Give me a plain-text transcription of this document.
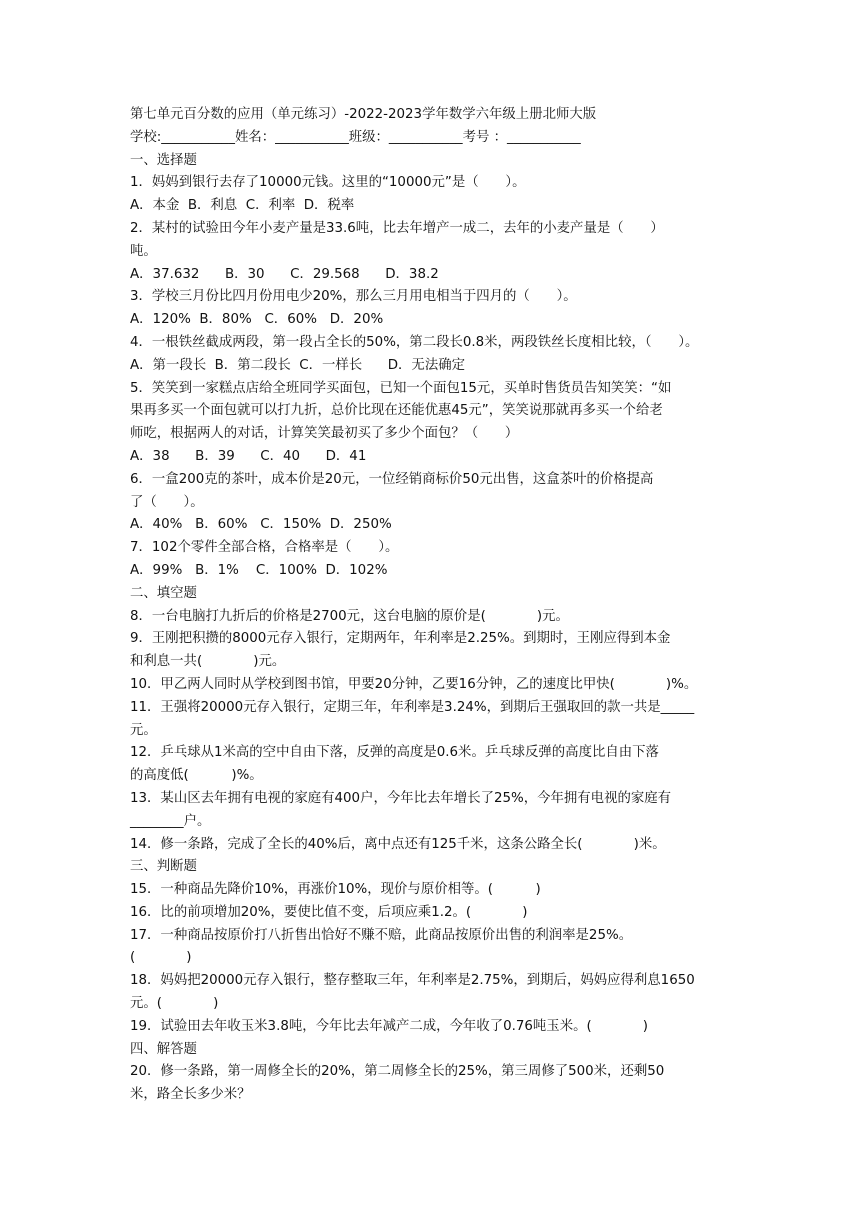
第七单元百分数的应用（单元练习）-2022-2023学年数学六年级上册北师大版

学校:___________姓名：___________班级：___________考号 ：___________

一、选择题

1．妈妈到银行去存了10000元钱。这里的“10000元”是（　　）。

A．本金  B．利息  C．利率  D．税率

2．某村的试验田今年小麦产量是33.6吨，比去年增产一成二，去年的小麦产量是（　　）

吨。

A．37.632      B．30      C．29.568      D．38.2

3．学校三月份比四月份用电少20%，那么三月用电相当于四月的（　　）。

A．120%  B．80%   C．60%   D．20%

4．一根铁丝截成两段，第一段占全长的50%，第二段长0.8米，两段铁丝长度相比较，（　　）。

A．第一段长  B．第二段长  C．一样长      D．无法确定

5．笑笑到一家糕点店给全班同学买面包，已知一个面包15元，买单时售货员告知笑笑：“如

果再多买一个面包就可以打九折，总价比现在还能优惠45元”，笑笑说那就再多买一个给老

师吃，根据两人的对话，计算笑笑最初买了多少个面包？（　　）

A．38      B．39      C．40      D．41

6．一盒200克的茶叶，成本价是20元，一位经销商标价50元出售，这盒茶叶的价格提高

了（　　）。

A．40%   B．60%   C．150%  D．250%

7．102个零件全部合格，合格率是（　　）。

A．99%   B．1%    C．100%  D．102%

二、填空题

8．一台电脑打九折后的价格是2700元，这台电脑的原价是(            )元。

9．王刚把积攒的8000元存入银行，定期两年，年利率是2.25%。到期时，王刚应得到本金

和利息一共(            )元。

10．甲乙两人同时从学校到图书馆，甲要20分钟，乙要16分钟，乙的速度比甲快(            )%。

11．王强将20000元存入银行，定期三年，年利率是3.24%，到期后王强取回的款一共是_____

元。

12．乒乓球从1米高的空中自由下落，反弹的高度是0.6米。乒乓球反弹的高度比自由下落

的高度低(          )%。

13．某山区去年拥有电视的家庭有400户，今年比去年增长了25%，今年拥有电视的家庭有

________户。

14．修一条路，完成了全长的40%后，离中点还有125千米，这条公路全长(            )米。

三、判断题

15．一种商品先降价10%，再涨价10%，现价与原价相等。(          )

16．比的前项增加20%，要使比值不变，后项应乘1.2。(            )

17．一种商品按原价打八折售出恰好不赚不赔，此商品按原价出售的利润率是25%。

(            )

18．妈妈把20000元存入银行，整存整取三年，年利率是2.75%，到期后，妈妈应得利息1650

元。(            )

19．试验田去年收玉米3.8吨，今年比去年减产二成，今年收了0.76吨玉米。(            )

四、解答题

20．修一条路，第一周修全长的20%，第二周修全长的25%，第三周修了500米，还剩50

米，路全长多少米？
